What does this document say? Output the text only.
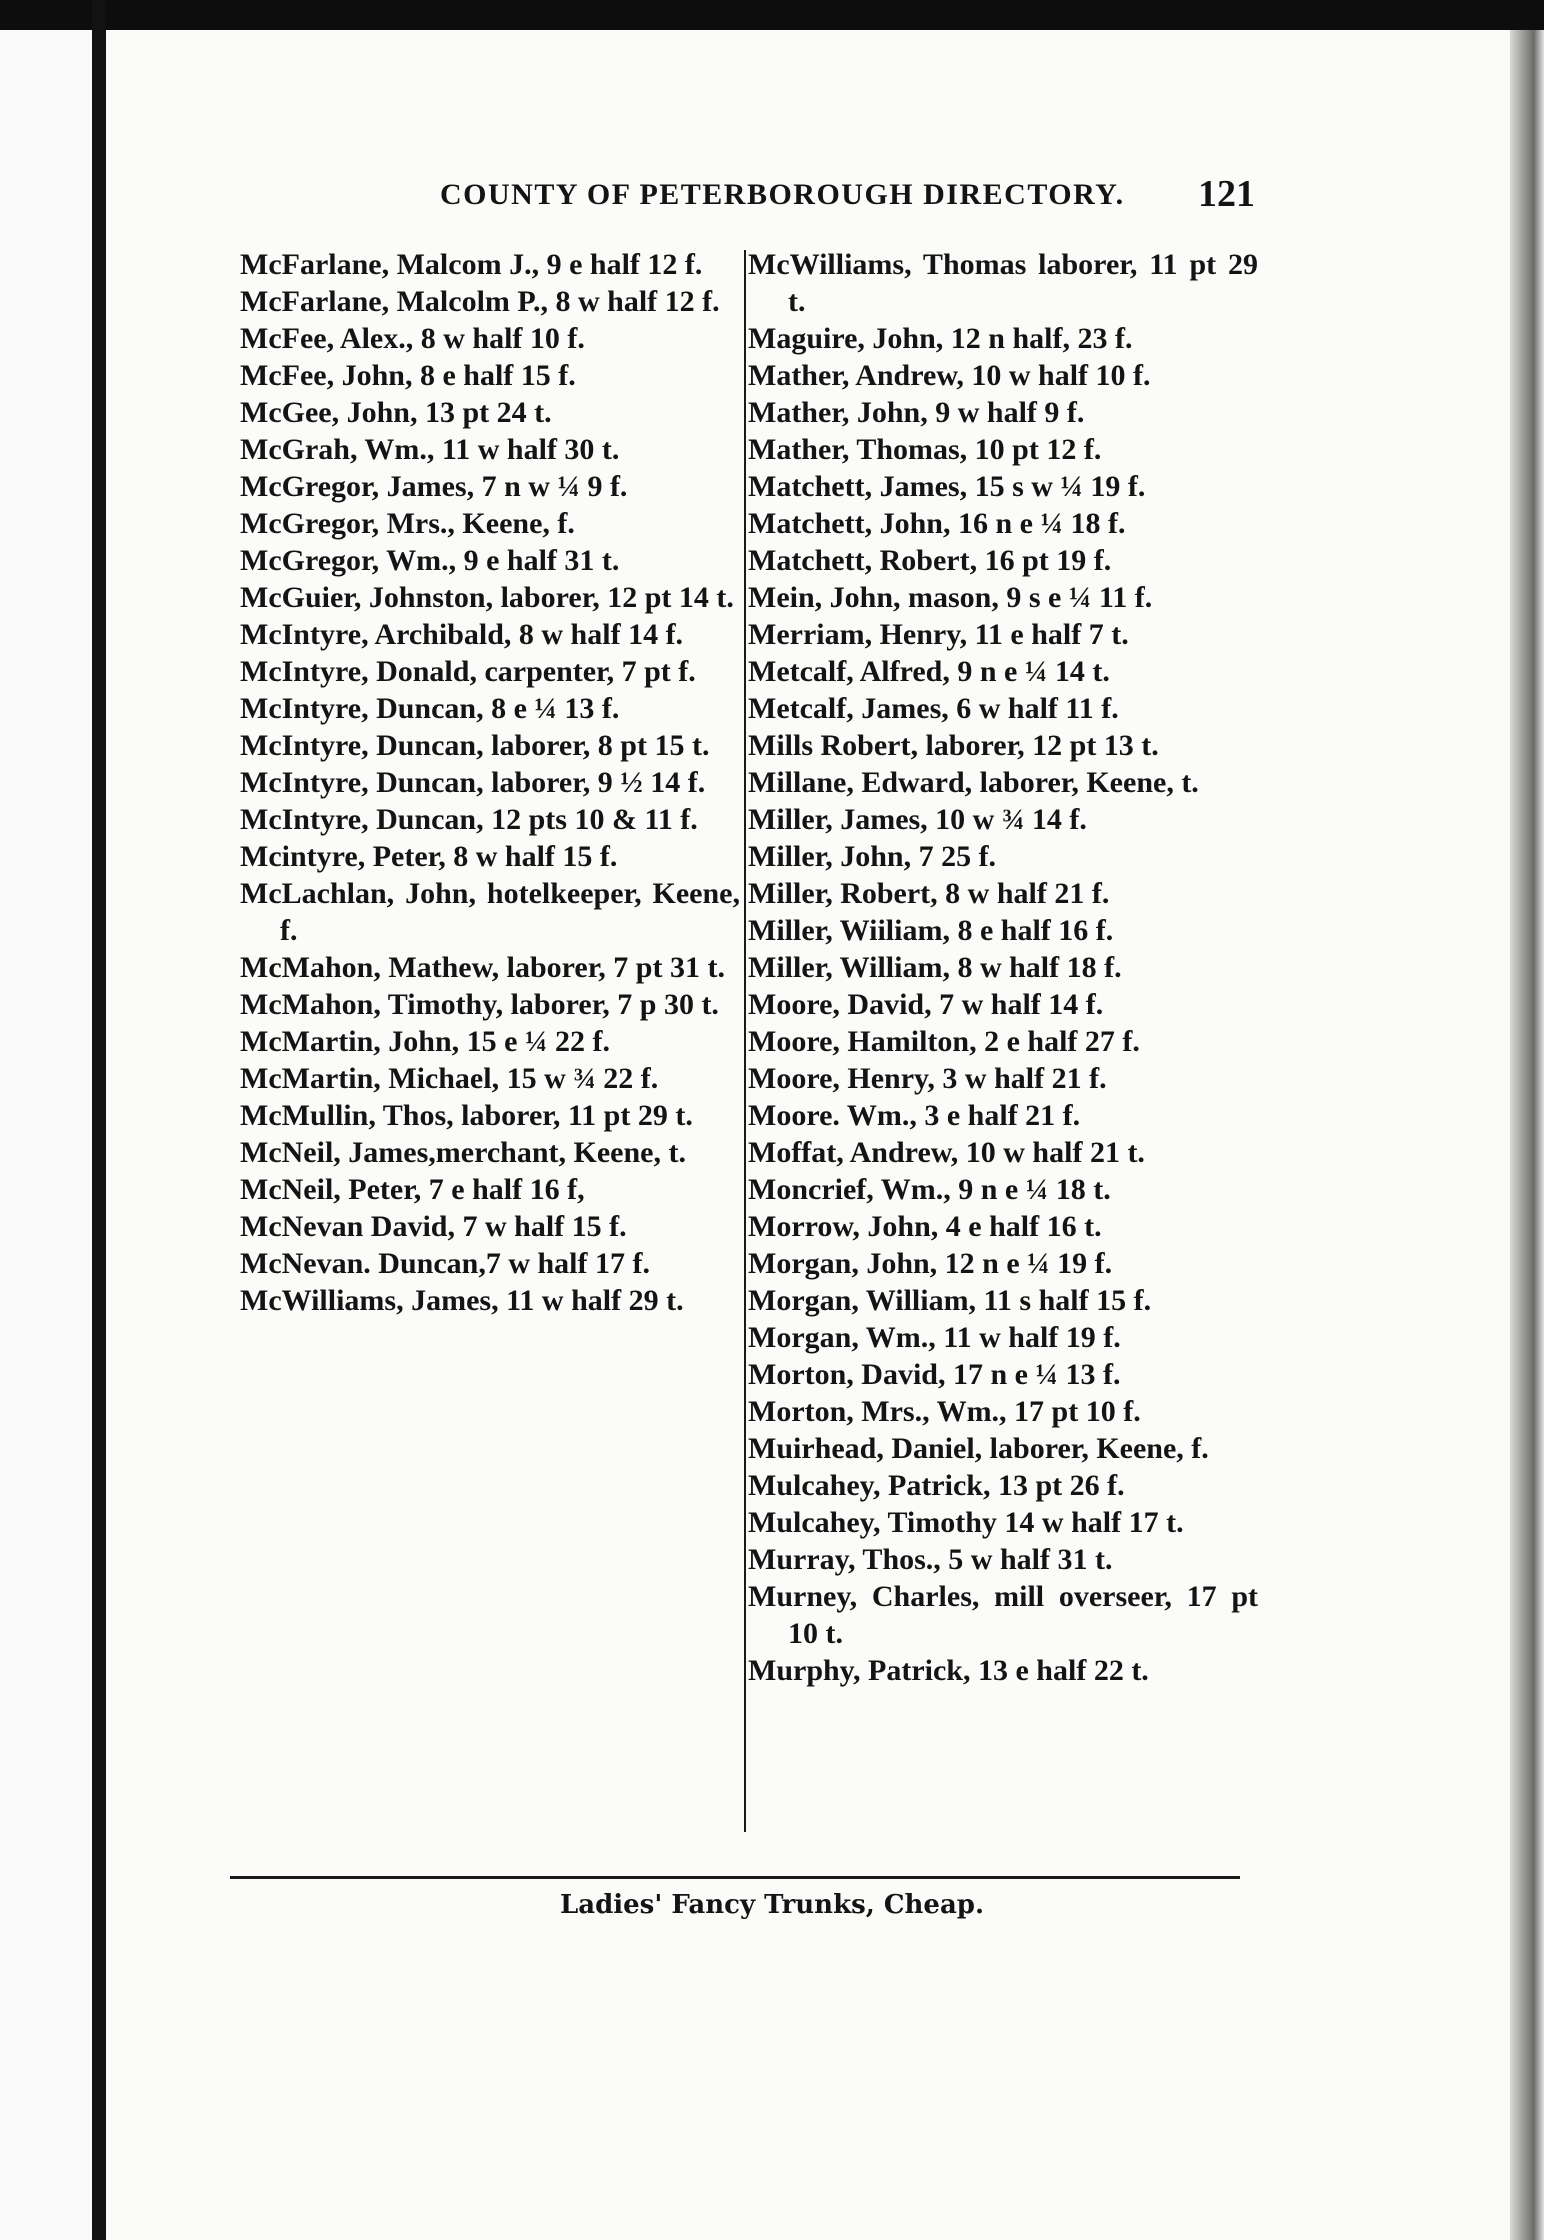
COUNTY OF PETERBOROUGH DIRECTORY. 121
McFarlane, Malcom J., 9 e half 12 f.
McFarlane, Malcolm P., 8 w half 12 f.
McFee, Alex., 8 w half 10 f.
McFee, John, 8 e half 15 f.
McGee, John, 13 pt 24 t.
McGrah, Wm., 11 w half 30 t.
McGregor, James, 7 n w ¼ 9 f.
McGregor, Mrs., Keene, f.
McGregor, Wm., 9 e half 31 t.
McGuier, Johnston, laborer, 12 pt 14 t.
McIntyre, Archibald, 8 w half 14 f.
McIntyre, Donald, carpenter, 7 pt f.
McIntyre, Duncan, 8 e ¼ 13 f.
McIntyre, Duncan, laborer, 8 pt 15 t.
McIntyre, Duncan, laborer, 9 ½ 14 f.
McIntyre, Duncan, 12 pts 10 & 11 f.
Mcintyre, Peter, 8 w half 15 f.
McLachlan, John, hotelkeeper, Keene, f.
McMahon, Mathew, laborer, 7 pt 31 t.
McMahon, Timothy, laborer, 7 p 30 t.
McMartin, John, 15 e ¼ 22 f.
McMartin, Michael, 15 w ¾ 22 f.
McMullin, Thos, laborer, 11 pt 29 t.
McNeil, James,merchant, Keene, t.
McNeil, Peter, 7 e half 16 f,
McNevan David, 7 w half 15 f.
McNevan. Duncan,7 w half 17 f.
McWilliams, James, 11 w half 29 t.
McWilliams, Thomas laborer, 11 pt 29 t.
Maguire, John, 12 n half, 23 f.
Mather, Andrew, 10 w half 10 f.
Mather, John, 9 w half 9 f.
Mather, Thomas, 10 pt 12 f.
Matchett, James, 15 s w ¼ 19 f.
Matchett, John, 16 n e ¼ 18 f.
Matchett, Robert, 16 pt 19 f.
Mein, John, mason, 9 s e ¼ 11 f.
Merriam, Henry, 11 e half 7 t.
Metcalf, Alfred, 9 n e ¼ 14 t.
Metcalf, James, 6 w half 11 f.
Mills Robert, laborer, 12 pt 13 t.
Millane, Edward, laborer, Keene, t.
Miller, James, 10 w ¾ 14 f.
Miller, John, 7 25 f.
Miller, Robert, 8 w half 21 f.
Miller, Wiiliam, 8 e half 16 f.
Miller, William, 8 w half 18 f.
Moore, David, 7 w half 14 f.
Moore, Hamilton, 2 e half 27 f.
Moore, Henry, 3 w half 21 f.
Moore. Wm., 3 e half 21 f.
Moffat, Andrew, 10 w half 21 t.
Moncrief, Wm., 9 n e ¼ 18 t.
Morrow, John, 4 e half 16 t.
Morgan, John, 12 n e ¼ 19 f.
Morgan, William, 11 s half 15 f.
Morgan, Wm., 11 w half 19 f.
Morton, David, 17 n e ¼ 13 f.
Morton, Mrs., Wm., 17 pt 10 f.
Muirhead, Daniel, laborer, Keene, f.
Mulcahey, Patrick, 13 pt 26 f.
Mulcahey, Timothy 14 w half 17 t.
Murray, Thos., 5 w half 31 t.
Murney, Charles, mill overseer, 17 pt 10 t.
Murphy, Patrick, 13 e half 22 t.
Ladies' Fancy Trunks, Cheap.
